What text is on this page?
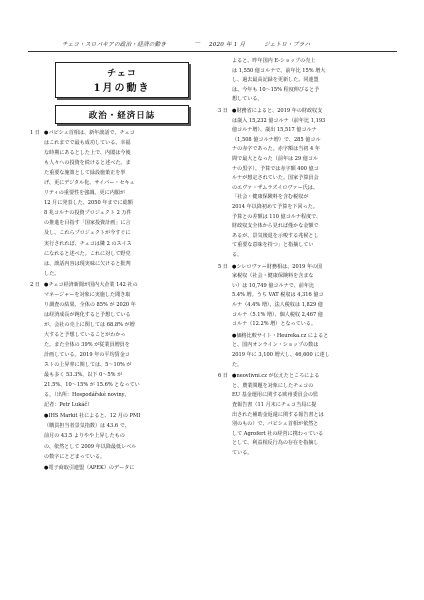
チェコ・スロバキアの政治・経済の動き	— 2020 年 1 月	ジェトロ・プラハ
チェコ
1月の動き
政治・経済日誌
1 日 ●バビシュ首相は、新年談話で、チェコ
はこれまでで最も成功している、幸福
な時期にあるとした上で、内閣は今後
も人々への投資を続けると述べた。ま
た重要な施策として緑設施策正を挙
げ、更にデジタル化、サイバー・セキュ
リティの重要性を強調。更に内閣が
12 月に発表した、2050 年までに総額
8 兆コルナの投資プロジェクト 2 万件
の推進を目指す「国家投資計画」に言
及し、これらプロジェクトが今すぐに
実行されれば、チェコは隣 2 のスイス
になれると述べた。これに対して野党
は、談話内容は現実味に欠けると批判
した。
2 日 ●チェコ経済新聞が国内大企業 142 社の
マネージャーを対象に実施した聞き取
り調査の結果、全体の 85% が 2020 年
は経済成長が鈍化すると予想している
が、会社の売上に関しては 68.8% が増
大すると予想していることがわかっ
た。また全体の 39% が従業員増員を
計画している。2019 年の平均賃金コ
ストの上昇率に関しては、5～10% が
最も多く 53.3%、以下 0～5% が
21.5%、10～15% が 15.6% となってい
る。（出所：Hospodářské noviny、
記者：Petr Lukáč）
●IHS Markit 社によると、12 月の PMI
（購買担当者景気指数）は 43.6 で、
前月の 43.5 よりやや上昇したもの
の、依然として 2009 年以降最低レベル
の数字にとどまっている。
●電子商取引連盟（APEK）のデータに
よると、昨年国内 E-ショップの売上
は 1,550 億コルナで、前年比 15% 増大
し、過去最高記録を更新した。同連盟
は、今年も 10～15% 程度伸びると予
想している。
3 日 ●財務省によると、2019 年の財政収支
は歳入 15,232 億コルナ（前年比 1,193
億コルナ増）、歳出 15,517 億コルナ
（1,508 億コルナ増）で、285 億コル
ナの赤字であった。赤字額は当初 4 年
間で最大となった（前年は 29 億コル
ナの黒字）。予算では赤字額 400 億コ
ルナが想定されていた。国家予算員会
のエヴァ・ザムラズイロヴァー氏は、
「社会・健康保険料を含む税収が
2014 年以降初めて予算を下回った。
予算との差額は 110 億コルナ程度で、
財政収支全体から見れば僅かな金額で
あるが、景気後退を示唆する兆候とし
て重要な意味を持つ」と指摘してい
る。
5 日 ●シレロヴァー財務相は、2019 年の国
家税収（社会・健康保険料を含まな
い）は 10,749 億コルナで、前年比
5.4% 増。うち VAT 税収は 4,316 億コ
ルナ（4.4% 増）、法人税収は 1,829 億
コルナ（5.1% 増）、個人税収 2,467 億
コルナ（12.2% 増）となっている。
●価格比較サイト・Heureka.cz によると
と、国内オンライン・ショップの数は
2019 年に 3,100 増大し、46,600 に達し
た。
6 日 ●neovlivni.cz が伝えたところによる
と、農業問題を対象にしたチェコの
EU 基金運用に関する欧州委員会の監
査報告書（11 月末にチェコ当局に提
出された補助金返還に関する報告書とは
別のもの）で、バビシュ首相が依然と
して Agrofert 社の経営に携わっている
として、利益相反行為の存在を指摘し
ている。
